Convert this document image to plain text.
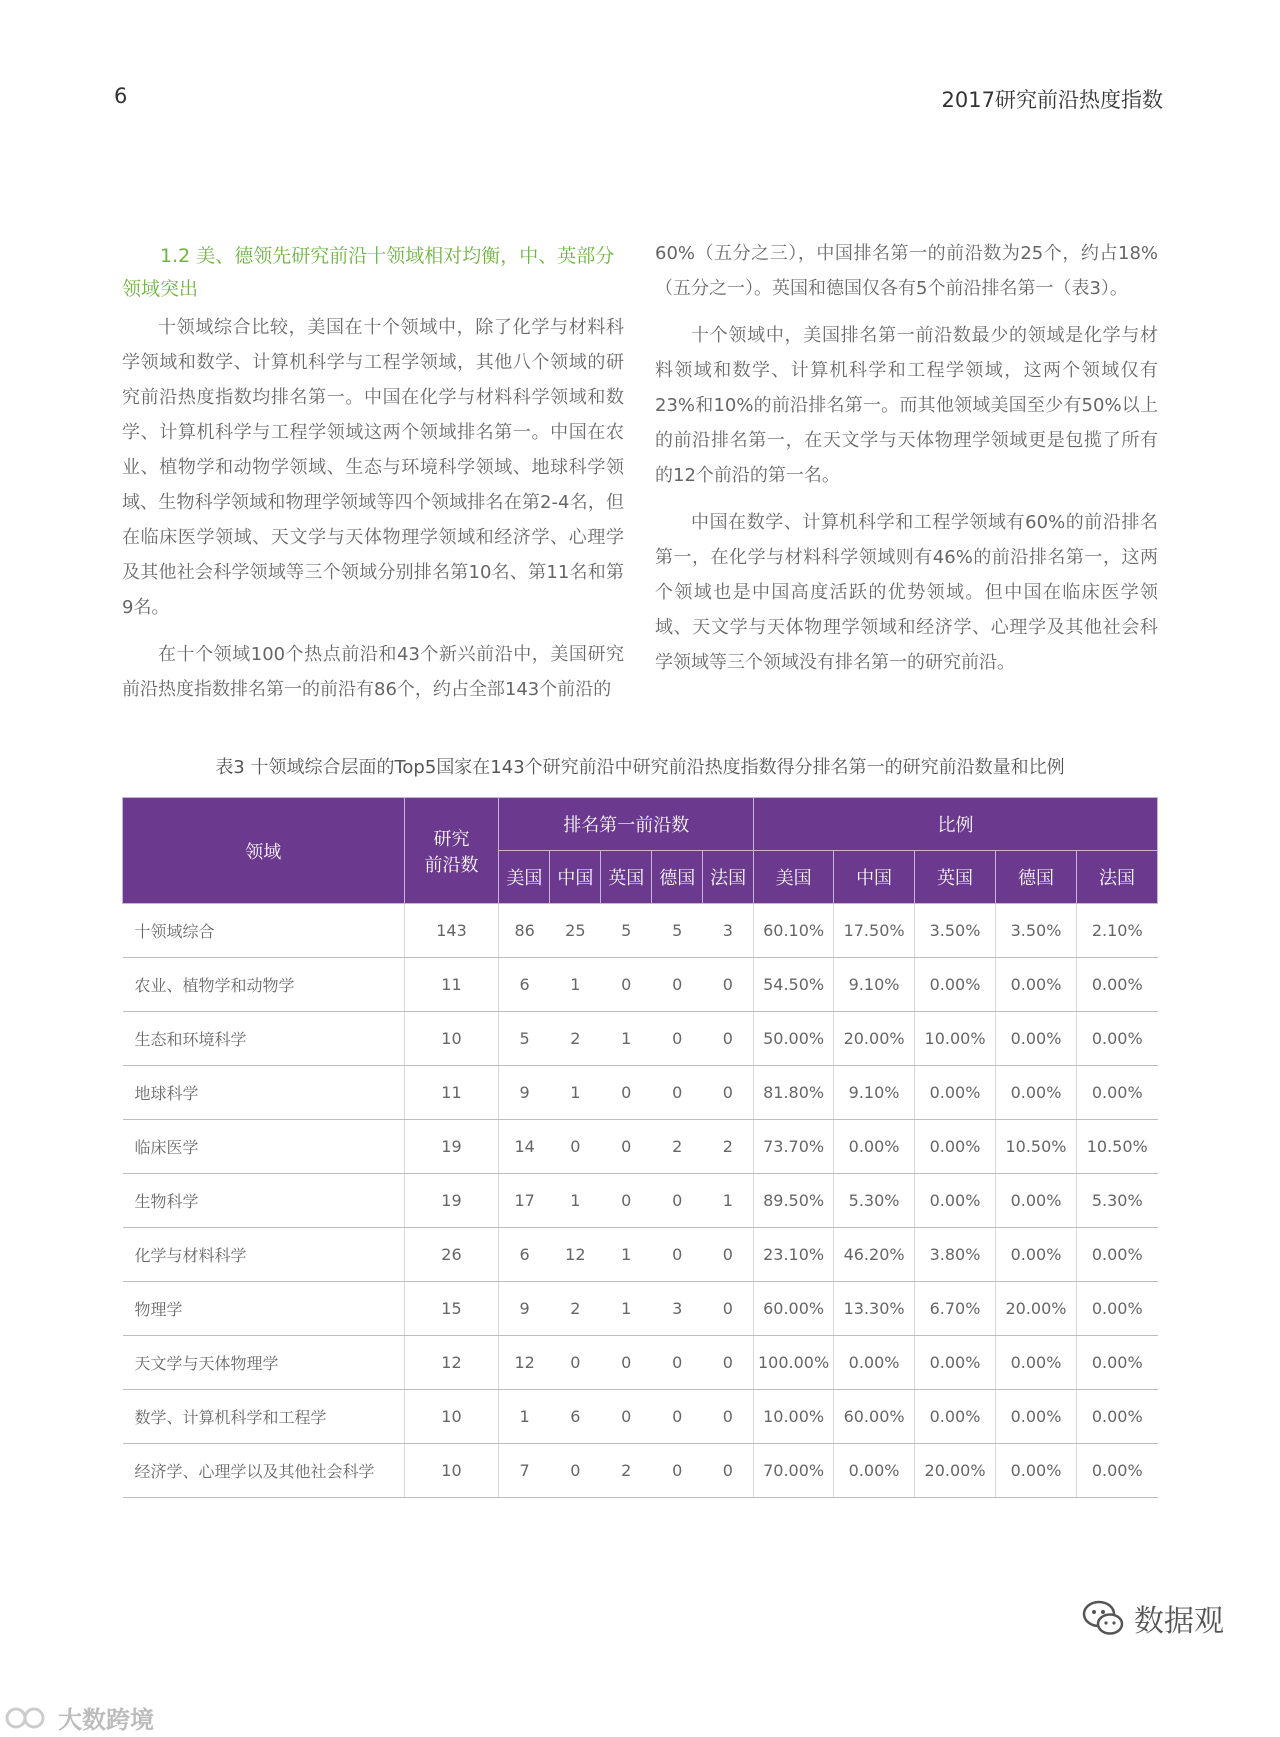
6	2017研究前沿热度指数
1.2 美、德领先研究前沿十领域相对均衡，中、英部分领域突出

十领域综合比较，美国在十个领域中，除了化学与材料科学领域和数学、计算机科学与工程学领域，其他八个领域的研究前沿热度指数均排名第一。中国在化学与材料科学领域和数学、计算机科学与工程学领域这两个领域排名第一。中国在农业、植物学和动物学领域、生态与环境科学领域、地球科学领域、生物科学领域和物理学领域等四个领域排名在第2-4名，但在临床医学领域、天文学与天体物理学领域和经济学、心理学及其他社会科学领域等三个领域分别排名第10名、第11名和第9名。

在十个领域100个热点前沿和43个新兴前沿中，美国研究前沿热度指数排名第一的前沿有86个，约占全部143个前沿的

60%（五分之三），中国排名第一的前沿数为25个，约占18%（五分之一）。英国和德国仅各有5个前沿排名第一（表3）。

十个领域中，美国排名第一前沿数最少的领域是化学与材料领域和数学、计算机科学和工程学领域，这两个领域仅有23%和10%的前沿排名第一。而其他领域美国至少有50%以上的前沿排名第一，在天文学与天体物理学领域更是包揽了所有的12个前沿的第一名。

中国在数学、计算机科学和工程学领域有60%的前沿排名第一，在化学与材料科学领域则有46%的前沿排名第一，这两个领域也是中国高度活跃的优势领域。但中国在临床医学领域、天文学与天体物理学领域和经济学、心理学及其他社会科学领域等三个领域没有排名第一的研究前沿。

表3 十领域综合层面的Top5国家在143个研究前沿中研究前沿热度指数得分排名第一的研究前沿数量和比例
领域	研究
前沿数	排名第一前沿数					比例				
		美国	中国	英国	德国	法国	美国	中国	英国	德国	法国
十领域综合	143	86	25	5	5	3	60.10%	17.50%	3.50%	3.50%	2.10%
农业、植物学和动物学	11	6	1	0	0	0	54.50%	9.10%	0.00%	0.00%	0.00%
生态和环境科学	10	5	2	1	0	0	50.00%	20.00%	10.00%	0.00%	0.00%
地球科学	11	9	1	0	0	0	81.80%	9.10%	0.00%	0.00%	0.00%
临床医学	19	14	0	0	2	2	73.70%	0.00%	0.00%	10.50%	10.50%
生物科学	19	17	1	0	0	1	89.50%	5.30%	0.00%	0.00%	5.30%
化学与材料科学	26	6	12	1	0	0	23.10%	46.20%	3.80%	0.00%	0.00%
物理学	15	9	2	1	3	0	60.00%	13.30%	6.70%	20.00%	0.00%
天文学与天体物理学	12	12	0	0	0	0	100.00%	0.00%	0.00%	0.00%	0.00%
数学、计算机科学和工程学	10	1	6	0	0	0	10.00%	60.00%	0.00%	0.00%	0.00%
经济学、心理学以及其他社会科学	10	7	0	2	0	0	70.00%	0.00%	20.00%	0.00%	0.00%
数据观
大数跨境
